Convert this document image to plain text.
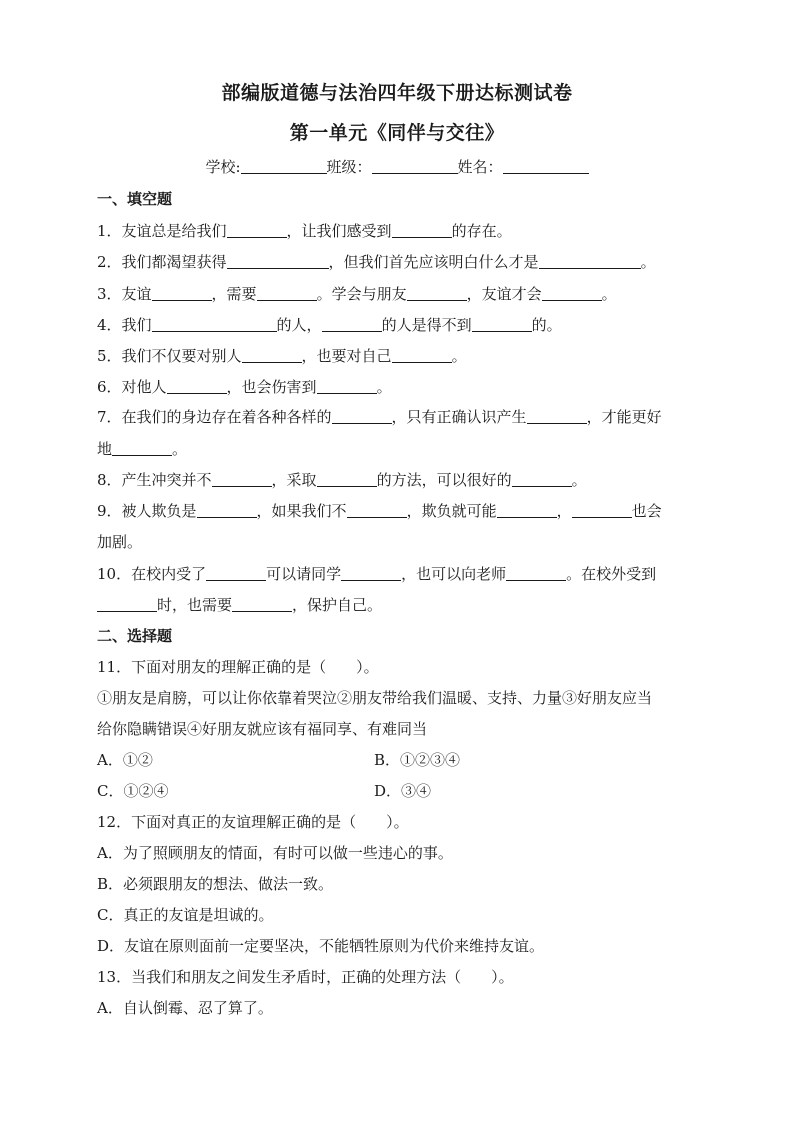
部编版道德与法治四年级下册达标测试卷
第一单元《同伴与交往》
学校:	班级：	姓名：
一、填空题
1．友谊总是给我们	，让我们感受到	的存在。
2．我们都渴望获得	，但我们首先应该明白什么才是	。
3．友谊	，需要	。学会与朋友	，友谊才会	。
4．我们	的人，	的人是得不到	的。
5．我们不仅要对别人	，也要对自己	。
6．对他人	，也会伤害到	。
7．在我们的身边存在着各种各样的	，只有正确认识产生	，才能更好
地	。
8．产生冲突并不	，采取	的方法，可以很好的	。
9．被人欺负是	，如果我们不	，欺负就可能	，	也会
加剧。
10．在校内受了	可以请同学	，也可以向老师	。在校外受到
时，也需要	，保护自己。
二、选择题
11．下面对朋友的理解正确的是（　　）。
①朋友是肩膀，可以让你依靠着哭泣②朋友带给我们温暖、支持、力量③好朋友应当
给你隐瞒错误④好朋友就应该有福同享、有难同当
A．①②	B．①②③④
C．①②④	D．③④
12．下面对真正的友谊理解正确的是（　　）。
A．为了照顾朋友的情面，有时可以做一些违心的事。
B．必须跟朋友的想法、做法一致。
C．真正的友谊是坦诚的。
D．友谊在原则面前一定要坚决，不能牺牲原则为代价来维持友谊。
13．当我们和朋友之间发生矛盾时，正确的处理方法（　　）。
A．自认倒霉、忍了算了。
